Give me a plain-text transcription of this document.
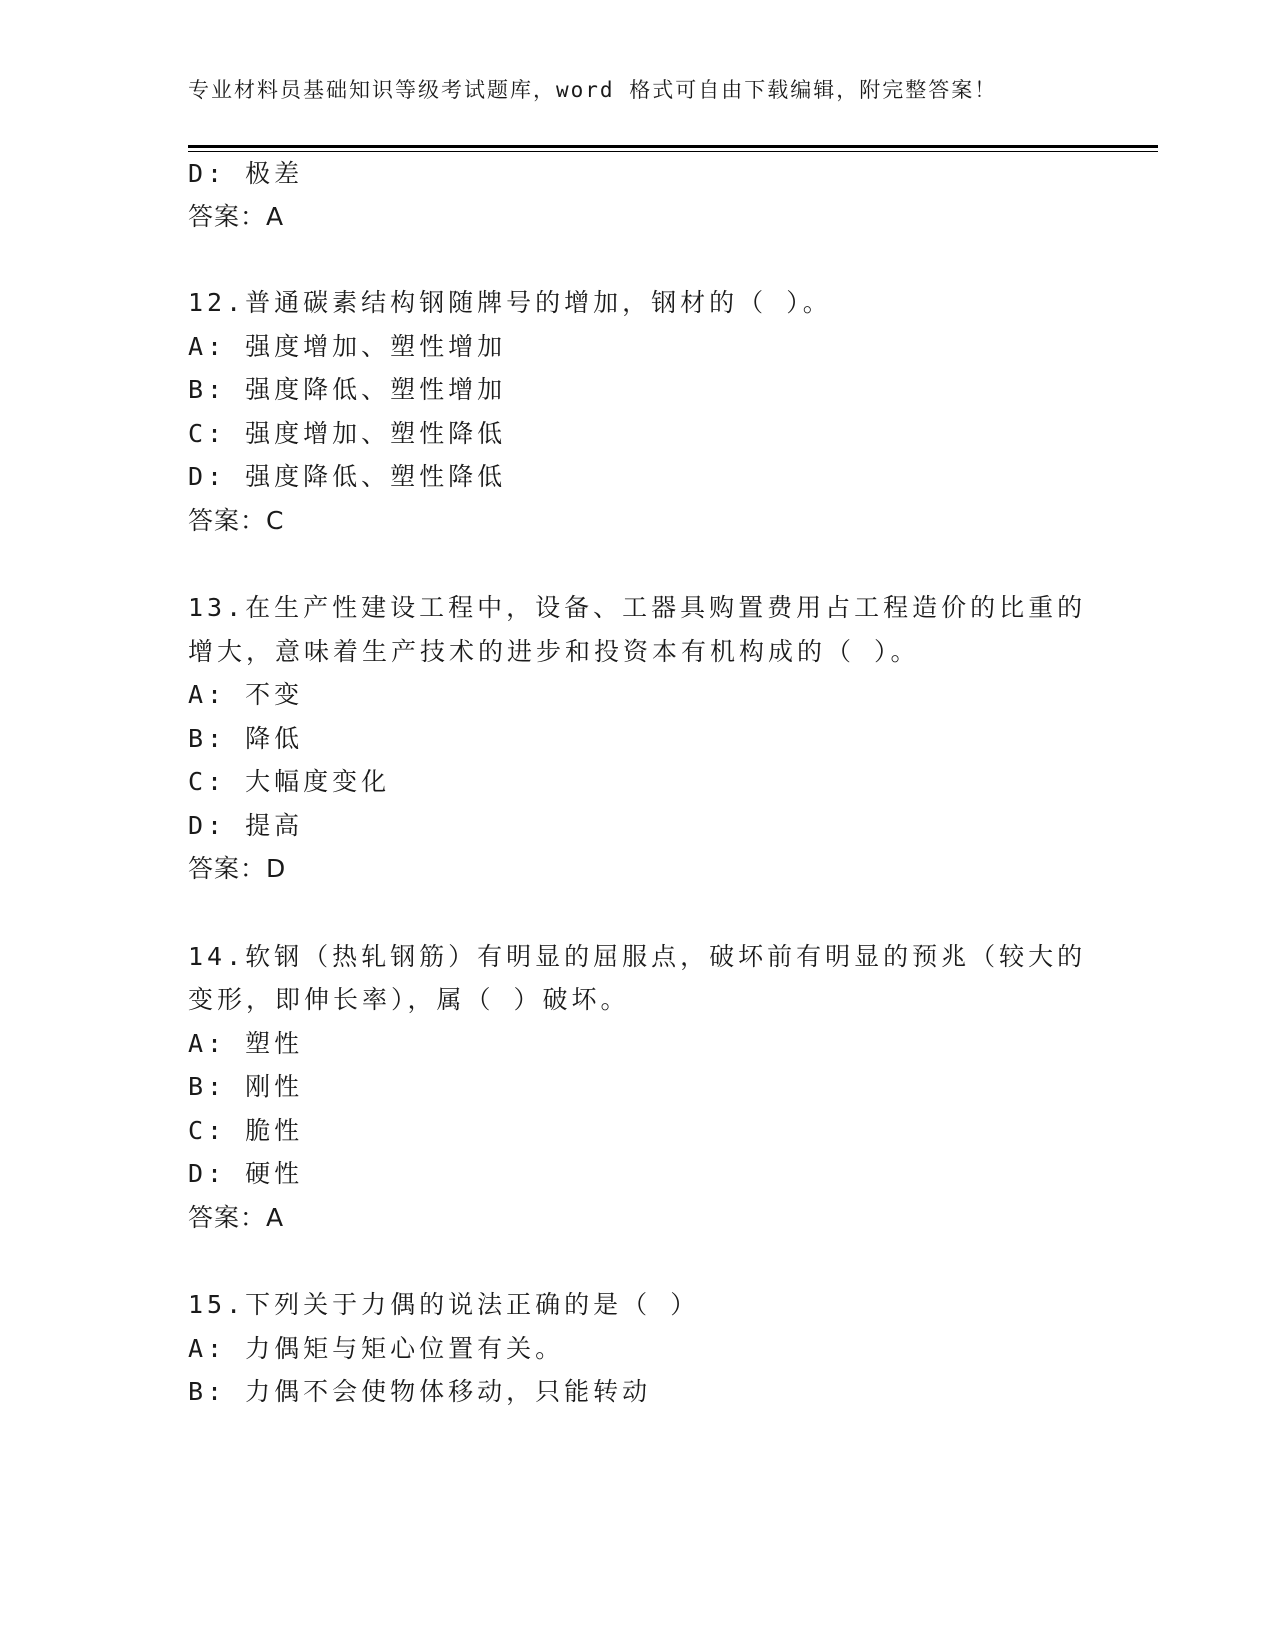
专业材料员基础知识等级考试题库，word 格式可自由下载编辑，附完整答案！
D: 极差
答案：A
12.普通碳素结构钢随牌号的增加，钢材的（ ）。
A: 强度增加、塑性增加
B: 强度降低、塑性增加
C: 强度增加、塑性降低
D: 强度降低、塑性降低
答案：C
13.在生产性建设工程中，设备、工器具购置费用占工程造价的比重的
增大，意味着生产技术的进步和投资本有机构成的（ ）。
A: 不变
B: 降低
C: 大幅度变化
D: 提高
答案：D
14.软钢（热轧钢筋）有明显的屈服点，破坏前有明显的预兆（较大的
变形，即伸长率），属（ ）破坏。
A: 塑性
B: 刚性
C: 脆性
D: 硬性
答案：A
15.下列关于力偶的说法正确的是（ ）
A: 力偶矩与矩心位置有关。
B: 力偶不会使物体移动，只能转动
